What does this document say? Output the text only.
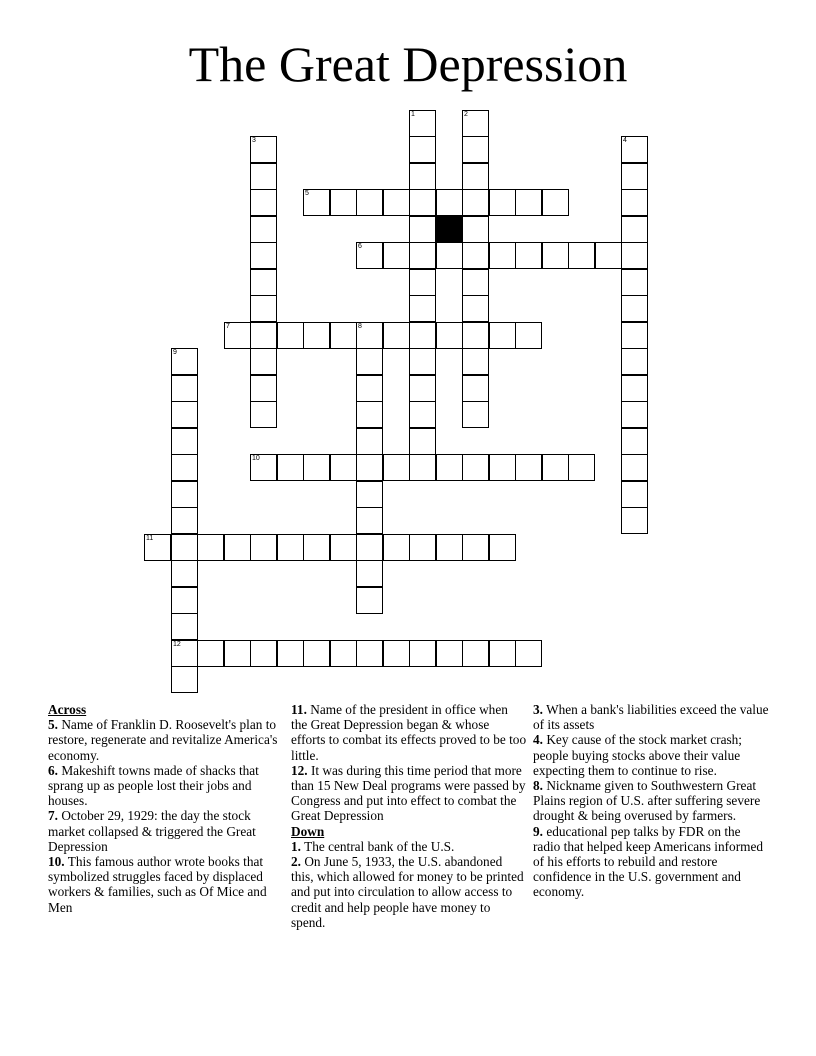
The Great Depression
1	2
3	4
5
6
7	8
9
10
11
12
Across
5. Name of Franklin D. Roosevelt's plan to restore, regenerate and revitalize America's economy.
6. Makeshift towns made of shacks that sprang up as people lost their jobs and houses.
7. October 29, 1929: the day the stock market collapsed & triggered the Great Depression
10. This famous author wrote books that symbolized struggles faced by displaced workers & families, such as Of Mice and Men
11. Name of the president in office when the Great Depression began & whose efforts to combat its effects proved to be too little.
12. It was during this time period that more than 15 New Deal programs were passed by Congress and put into effect to combat the Great Depression
Down
1. The central bank of the U.S.
2. On June 5, 1933, the U.S. abandoned this, which allowed for money to be printed and put into circulation to allow access to credit and help people have money to spend.
3. When a bank's liabilities exceed the value of its assets
4. Key cause of the stock market crash; people buying stocks above their value expecting them to continue to rise.
8. Nickname given to Southwestern Great Plains region of U.S. after suffering severe drought & being overused by farmers.
9. educational pep talks by FDR on the radio that helped keep Americans informed of his efforts to rebuild and restore confidence in the U.S. government and economy.
